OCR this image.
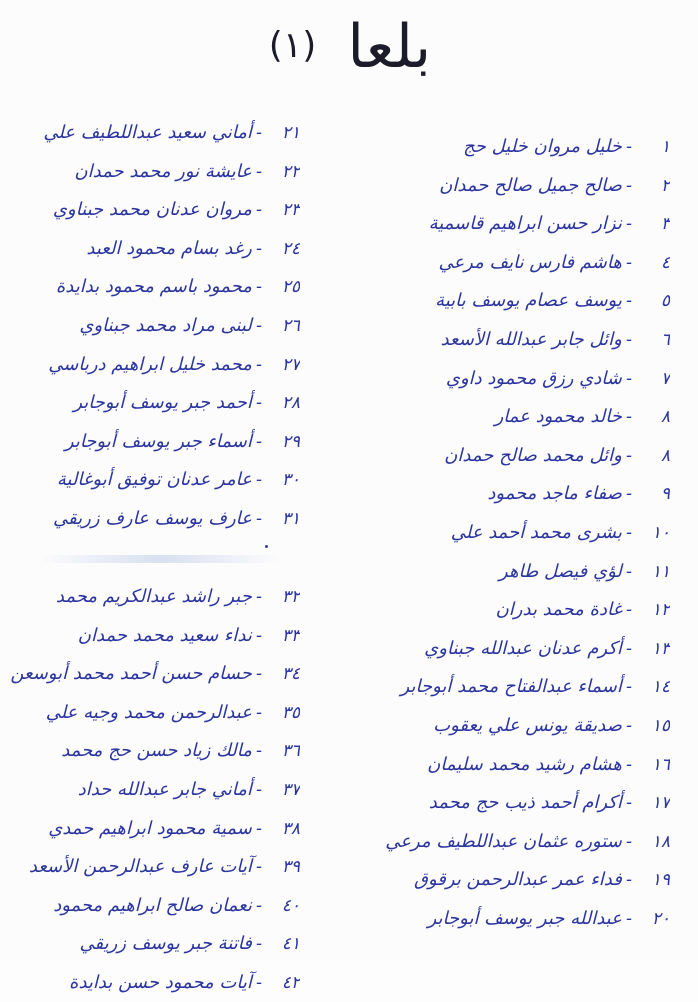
بلعا (١)
١-خليل مروان خليل حج
٢-صالح جميل صالح حمدان
٣-نزار حسن ابراهيم قاسمية
٤-هاشم فارس نايف مرعي
٥-يوسف عصام يوسف بابية
٦-وائل جابر عبدالله الأسعد
٧-شادي رزق محمود داوي
٨-خالد محمود عمار
٨-وائل محمد صالح حمدان
٩-صفاء ماجد محمود
١٠-بشرى محمد أحمد علي
١١-لؤي فيصل طاهر
١٢-غادة محمد بدران
١٣-أكرم عدنان عبدالله جبناوي
١٤-أسماء عبدالفتاح محمد أبوجابر
١٥-صديقة يونس علي يعقوب
١٦-هشام رشيد محمد سليمان
١٧-أكرام أحمد ذيب حج محمد
١٨-ستوره عثمان عبداللطيف مرعي
١٩-فداء عمر عبدالرحمن برقوق
٢٠-عبدالله جبر يوسف أبوجابر
٢١-أماني سعيد عبداللطيف علي
٢٢-عايشة نور محمد حمدان
٢٣-مروان عدنان محمد جبناوي
٢٤-رغد بسام محمود العبد
٢٥-محمود باسم محمود بدايدة
٢٦-لبنى مراد محمد جبناوي
٢٧-محمد خليل ابراهيم درباسي
٢٨-أحمد جبر يوسف أبوجابر
٢٩-أسماء جبر يوسف أبوجابر
٣٠-عامر عدنان توفيق أبوغالية
٣١-عارف يوسف عارف زريقي
٣٢-جبر راشد عبدالكريم محمد
٣٣-نداء سعيد محمد حمدان
٣٤-حسام حسن أحمد محمد أبوسعن
٣٥-عبدالرحمن محمد وجيه علي
٣٦-مالك زياد حسن حج محمد
٣٧-أماني جابر عبدالله حداد
٣٨-سمية محمود ابراهيم حمدي
٣٩-آيات عارف عبدالرحمن الأسعد
٤٠-نعمان صالح ابراهيم محمود
٤١-فاتنة جبر يوسف زريقي
٤٢-آيات محمود حسن بدايدة
